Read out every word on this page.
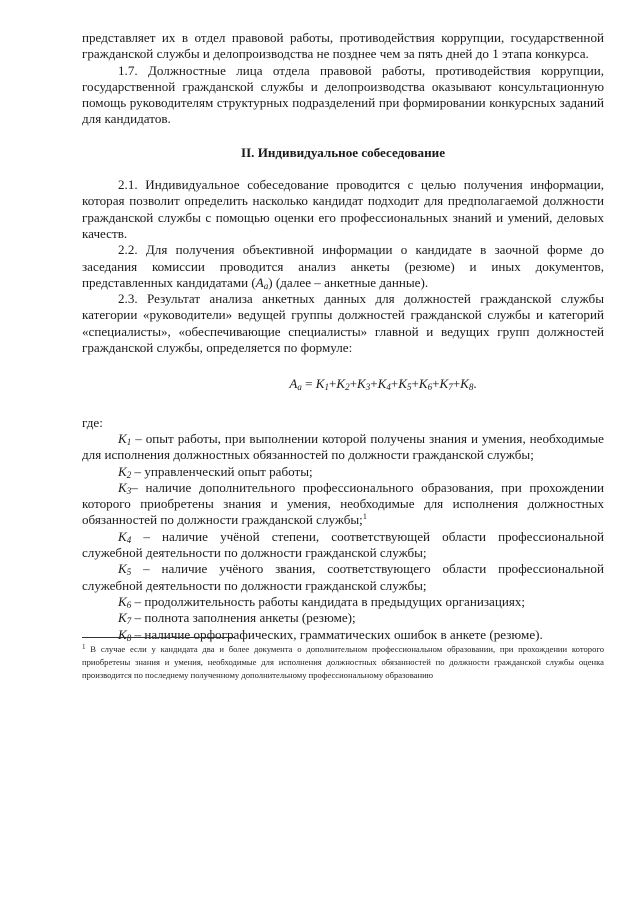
представляет их в отдел правовой работы, противодействия коррупции, государственной гражданской службы и делопроизводства не позднее чем за пять дней до 1 этапа конкурса.

1.7. Должностные лица отдела правовой работы, противодействия коррупции, государственной гражданской службы и делопроизводства оказывают консультационную помощь руководителям структурных подразделений при формировании конкурсных заданий для кандидатов.

II. Индивидуальное собеседование

2.1. Индивидуальное собеседование проводится с целью получения информации, которая позволит определить насколько кандидат подходит для предполагаемой должности гражданской службы с помощью оценки его профессиональных знаний и умений, деловых качеств.

2.2. Для получения объективной информации о кандидате в заочной форме до заседания комиссии проводится анализ анкеты (резюме) и иных документов, представленных кандидатами $(A_a)$ (далее – анкетные данные).

2.3. Результат анализа анкетных данных для должностей гражданской службы категории «руководители» ведущей группы должностей гражданской службы и категорий «специалисты», «обеспечивающие специалисты» главной и ведущих групп должностей гражданской службы, определяется по формуле:

$A_a = K_1+K_2+K_3+K_4+K_5+K_6+K_7+K_8$.

где:

$K_1$ – опыт работы, при выполнении которой получены знания и умения, необходимые для исполнения должностных обязанностей по должности гражданской службы;

$K_2$ – управленческий опыт работы;

$K_3-$ наличие дополнительного профессионального образования, при прохождении которого приобретены знания и умения, необходимые для исполнения должностных обязанностей по должности гражданской службы;$^1$

$K_4$ – наличие учёной степени, соответствующей области профессиональной служебной деятельности по должности гражданской службы;

$K_5$ – наличие учёного звания, соответствующего области профессиональной служебной деятельности по должности гражданской службы;

$K_6$ – продолжительность работы кандидата в предыдущих организациях;

$K_7$ – полнота заполнения анкеты (резюме);

$K_8$ – наличие орфографических, грамматических ошибок в анкете (резюме).

$^1$ В случае если у кандидата два и более документа о дополнительном профессиональном образовании, при прохождении которого приобретены знания и умения, необходимые для исполнения должностных обязанностей по должности гражданской службы оценка производится по последнему полученному дополнительному профессиональному образованию
